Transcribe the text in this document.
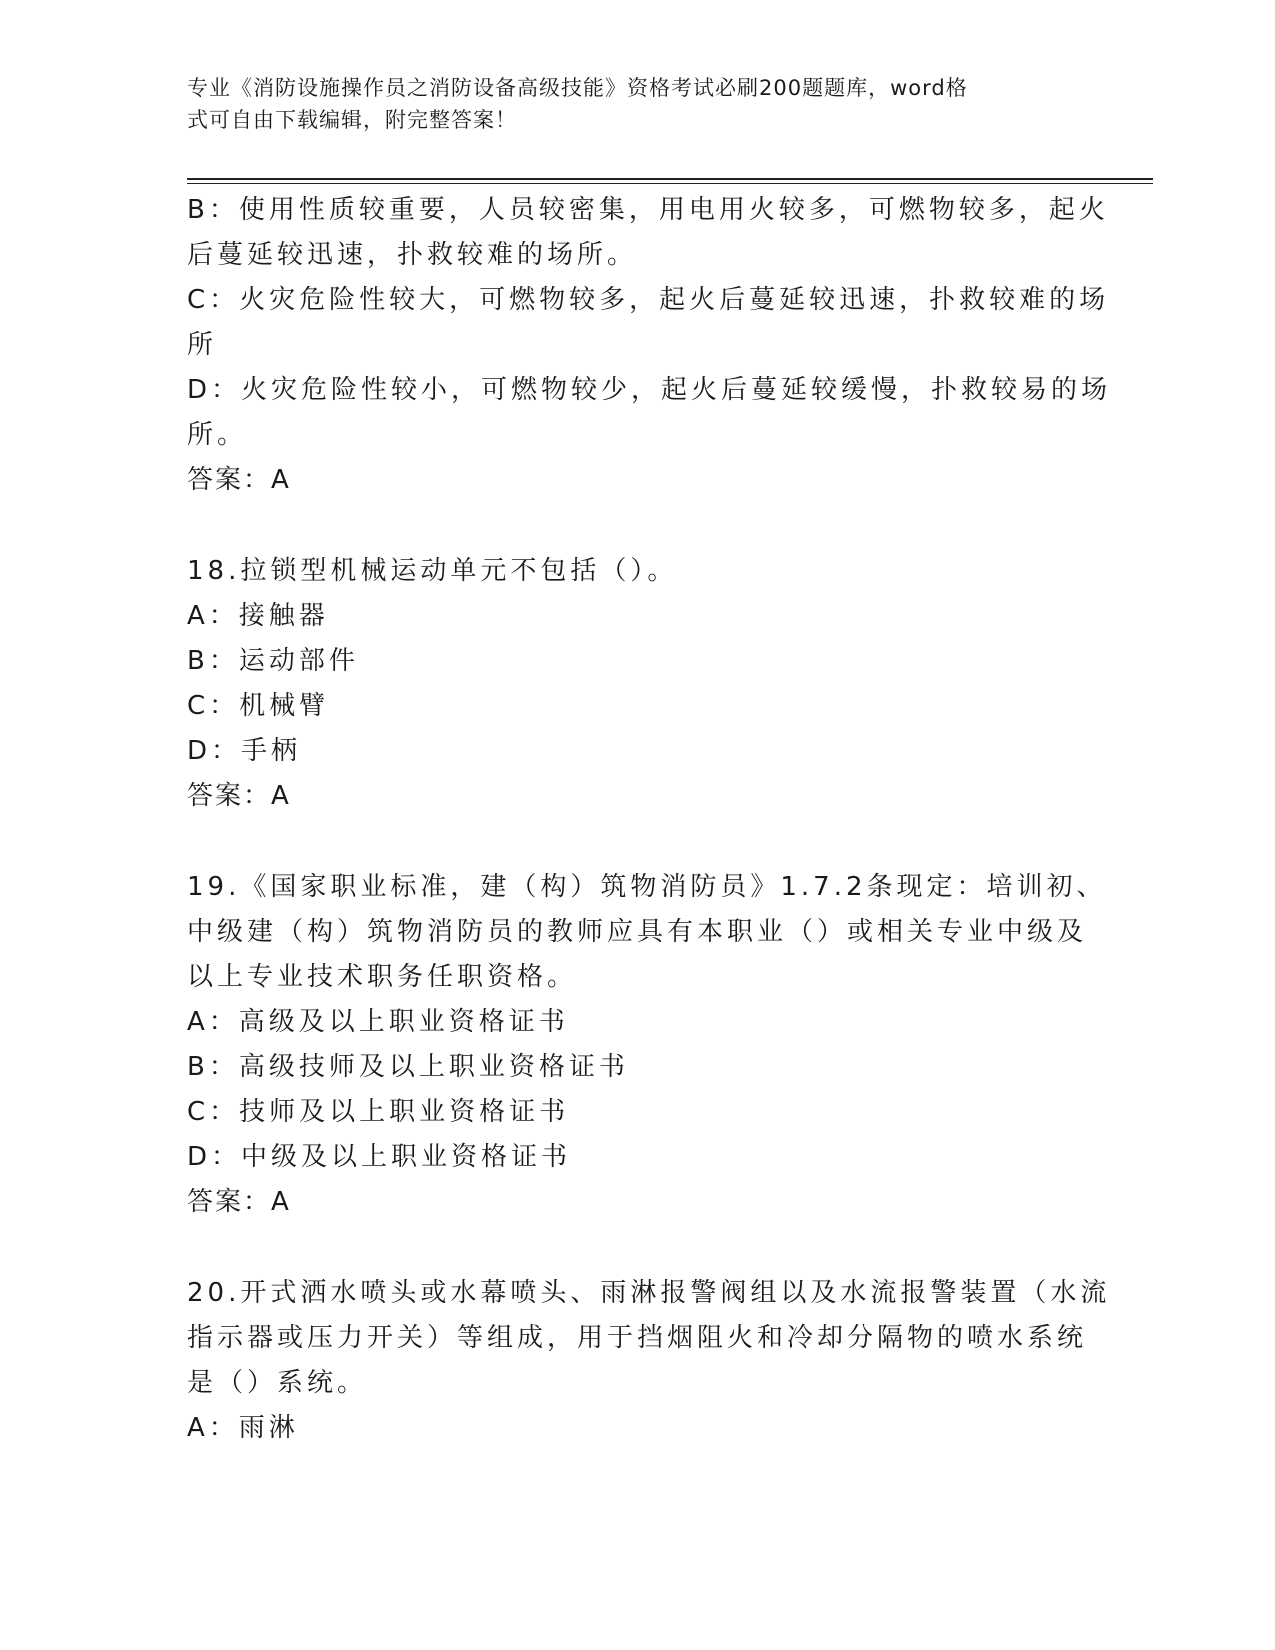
专业《消防设施操作员之消防设备高级技能》资格考试必刷200题题库，word格
式可自由下载编辑，附完整答案！
B：使用性质较重要，人员较密集，用电用火较多，可燃物较多，起火
后蔓延较迅速，扑救较难的场所。
C：火灾危险性较大，可燃物较多，起火后蔓延较迅速，扑救较难的场
所
D：火灾危险性较小，可燃物较少，起火后蔓延较缓慢，扑救较易的场
所。
答案：A
18.拉锁型机械运动单元不包括（）。
A：接触器
B：运动部件
C：机械臂
D：手柄
答案：A
19.《国家职业标准，建（构）筑物消防员》1.7.2条现定：培训初、
中级建（构）筑物消防员的教师应具有本职业（）或相关专业中级及
以上专业技术职务任职资格。
A：高级及以上职业资格证书
B：高级技师及以上职业资格证书
C：技师及以上职业资格证书
D：中级及以上职业资格证书
答案：A
20.开式洒水喷头或水幕喷头、雨淋报警阀组以及水流报警装置（水流
指示器或压力开关）等组成，用于挡烟阻火和冷却分隔物的喷水系统
是（）系统。
A：雨淋
